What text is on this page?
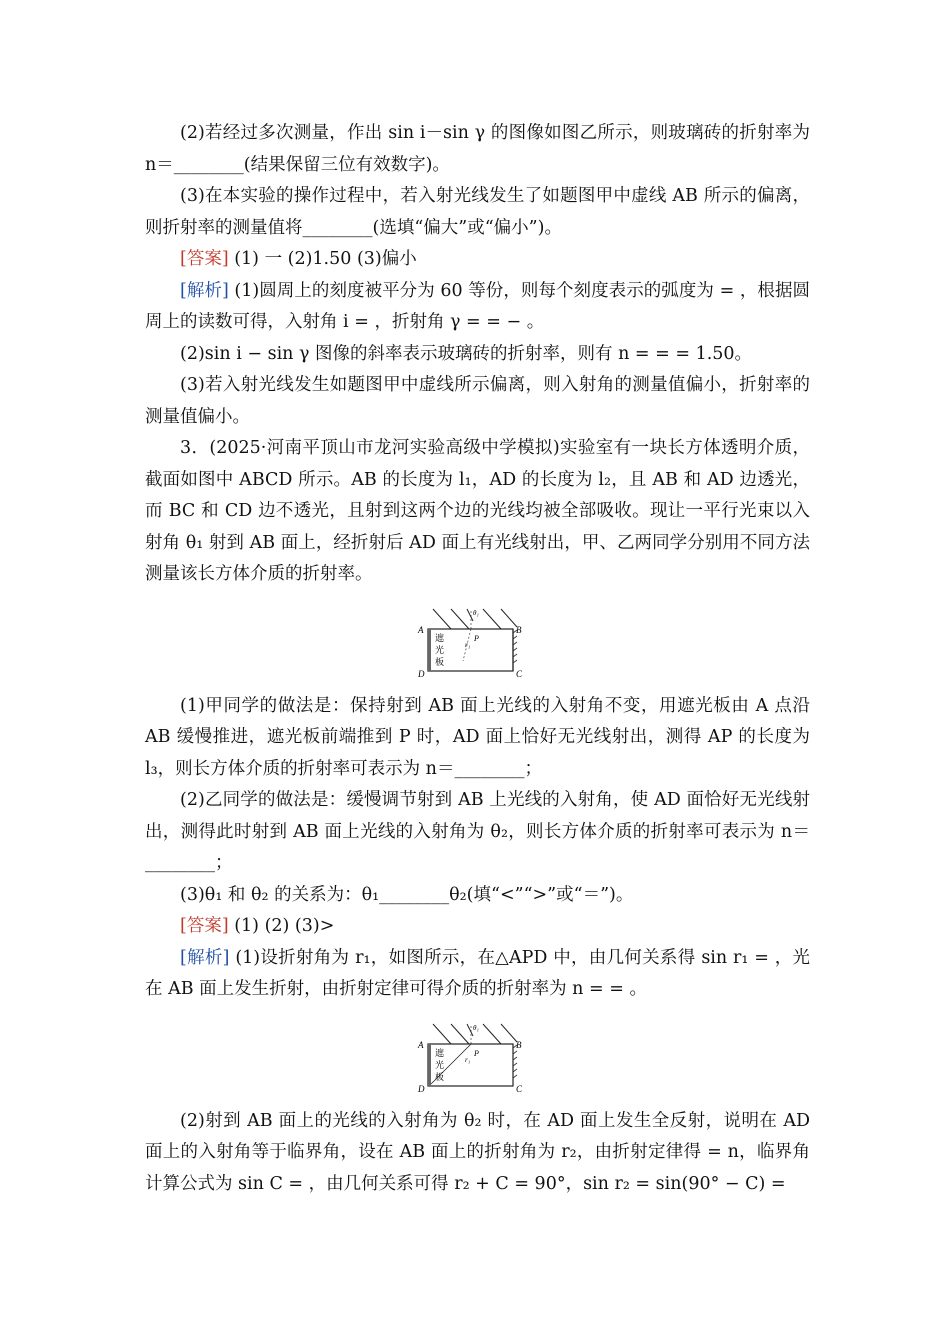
(2)若经过多次测量，作出 sin i－sin γ 的图像如图乙所示，则玻璃砖的折射率为 n＝________(结果保留三位有效数字)。

(3)在本实验的操作过程中，若入射光线发生了如题图甲中虚线 AB 所示的偏离，则折射率的测量值将________(选填“偏大”或“偏小”)。

[答案] (1) 一 (2)1.50 (3)偏小

[解析] (1)圆周上的刻度被平分为 60 等份，则每个刻度表示的弧度为 = ，根据圆周上的读数可得，入射角 i = ，折射角 γ = = − 。

(2)sin i − sin γ 图像的斜率表示玻璃砖的折射率，则有 n = = = 1.50。

(3)若入射光线发生如题图甲中虚线所示偏离，则入射角的测量值偏小，折射率的测量值偏小。

3．(2025·河南平顶山市龙河实验高级中学模拟)实验室有一块长方体透明介质，截面如图中 ABCD 所示。AB 的长度为 l₁，AD 的长度为 l₂，且 AB 和 AD 边透光，而 BC 和 CD 边不透光，且射到这两个边的光线均被全部吸收。现让一平行光束以入射角 θ₁ 射到 AB 面上，经折射后 AD 面上有光线射出，甲、乙两同学分别用不同方法测量该长方体介质的折射率。

A	B
C
D
P
θ₁
r₁
遮
光
板

(1)甲同学的做法是：保持射到 AB 面上光线的入射角不变，用遮光板由 A 点沿 AB 缓慢推进，遮光板前端推到 P 时，AD 面上恰好无光线射出，测得 AP 的长度为 l₃，则长方体介质的折射率可表示为 n＝________；

(2)乙同学的做法是：缓慢调节射到 AB 上光线的入射角，使 AD 面恰好无光线射出，测得此时射到 AB 面上光线的入射角为 θ₂，则长方体介质的折射率可表示为 n＝________；

(3)θ₁ 和 θ₂ 的关系为：θ₁________θ₂(填“<”“>”或“＝”)。

[答案] (1) (2) (3)>

[解析] (1)设折射角为 r₁，如图所示，在△APD 中，由几何关系得 sin r₁ = ，光在 AB 面上发生折射，由折射定律可得介质的折射率为 n = = 。

A	B
C
D
P
θ₁
r₁
遮
光
板

(2)射到 AB 面上的光线的入射角为 θ₂ 时，在 AD 面上发生全反射，说明在 AD 面上的入射角等于临界角，设在 AB 面上的折射角为 r₂，由折射定律得 = n，临界角计算公式为 sin C = ，由几何关系可得 r₂ + C = 90°，sin r₂ = sin(90° − C) =
